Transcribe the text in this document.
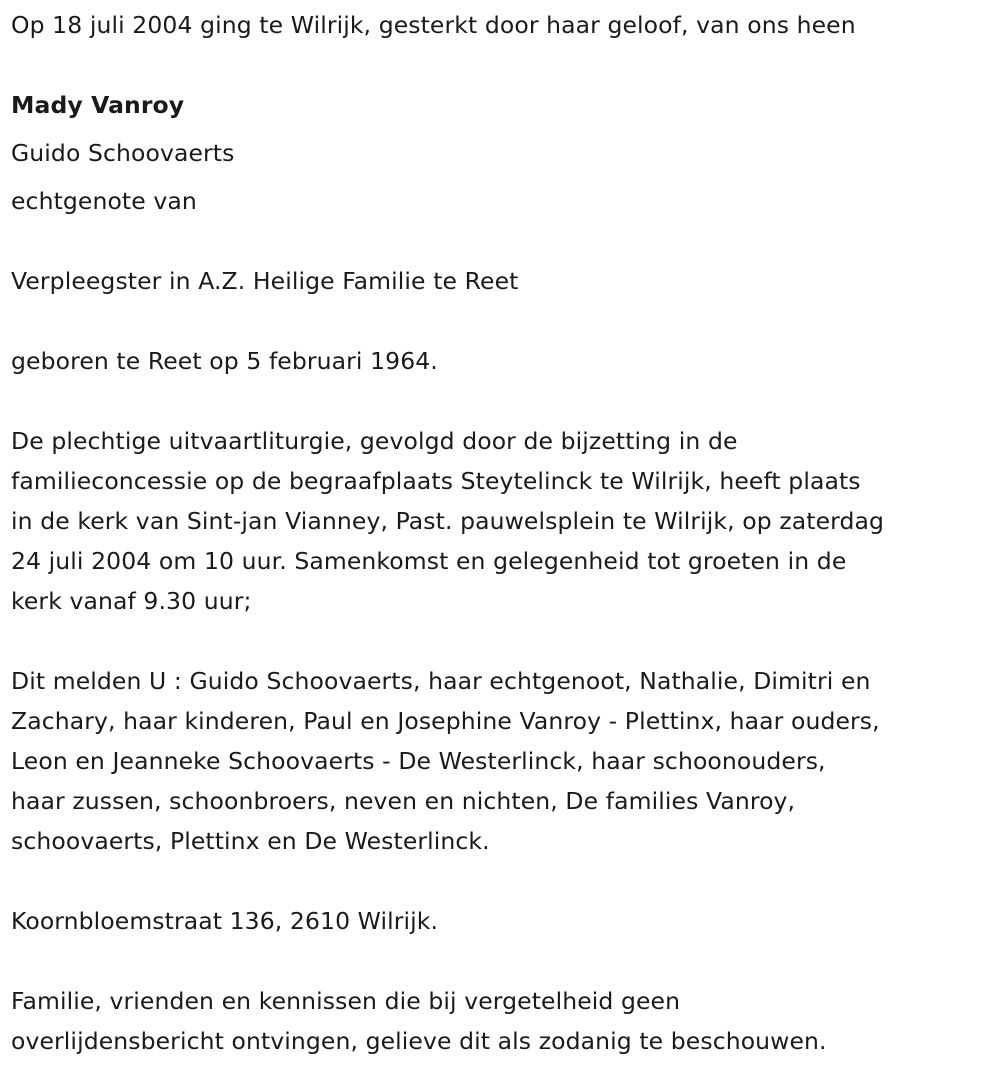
Op 18 juli 2004 ging te Wilrijk, gesterkt door haar geloof, van ons heen
Mady Vanroy
Guido Schoovaerts
echtgenote van
Verpleegster in A.Z. Heilige Familie te Reet
geboren te Reet op 5 februari 1964.
De plechtige uitvaartliturgie, gevolgd door de bijzetting in de
familieconcessie op de begraafplaats Steytelinck te Wilrijk, heeft plaats
in de kerk van Sint-jan Vianney, Past. pauwelsplein te Wilrijk, op zaterdag
24 juli 2004 om 10 uur. Samenkomst en gelegenheid tot groeten in de
kerk vanaf 9.30 uur;
Dit melden U : Guido Schoovaerts, haar echtgenoot, Nathalie, Dimitri en
Zachary, haar kinderen, Paul en Josephine Vanroy - Plettinx, haar ouders,
Leon en Jeanneke Schoovaerts - De Westerlinck, haar schoonouders,
haar zussen, schoonbroers, neven en nichten, De families Vanroy,
schoovaerts, Plettinx en De Westerlinck.
Koornbloemstraat 136, 2610 Wilrijk.
Familie, vrienden en kennissen die bij vergetelheid geen
overlijdensbericht ontvingen, gelieve dit als zodanig te beschouwen.
